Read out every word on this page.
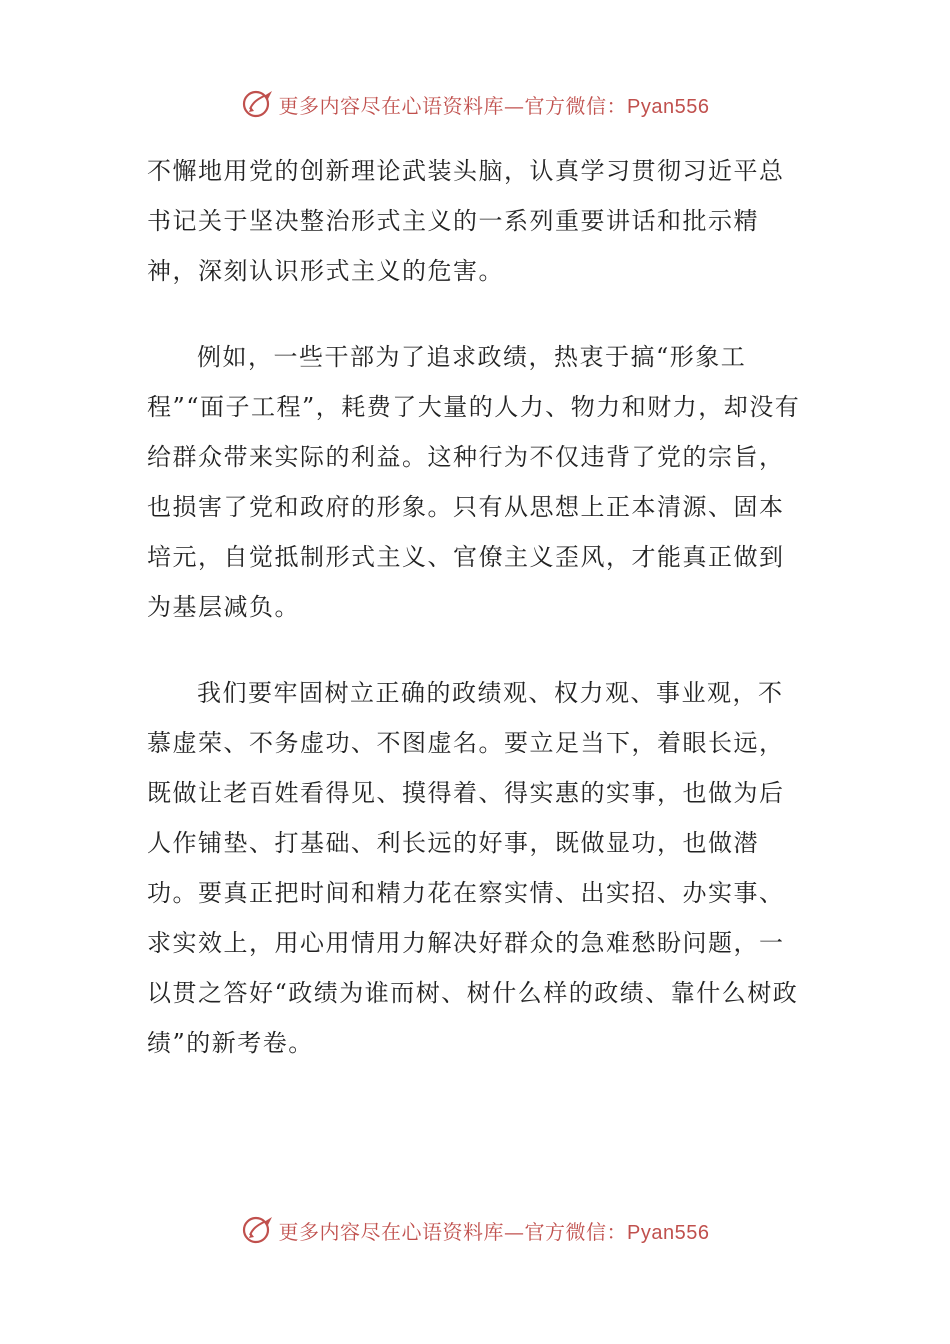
更多内容尽在心语资料库—官方微信：Pyan556

不懈地用党的创新理论武装头脑，认真学习贯彻习近平总书记关于坚决整治形式主义的一系列重要讲话和批示精神，深刻认识形式主义的危害。

例如，一些干部为了追求政绩，热衷于搞“形象工程”“面子工程”，耗费了大量的人力、物力和财力，却没有给群众带来实际的利益。这种行为不仅违背了党的宗旨，也损害了党和政府的形象。只有从思想上正本清源、固本培元，自觉抵制形式主义、官僚主义歪风，才能真正做到为基层减负。

我们要牢固树立正确的政绩观、权力观、事业观，不慕虚荣、不务虚功、不图虚名。要立足当下，着眼长远，既做让老百姓看得见、摸得着、得实惠的实事，也做为后人作铺垫、打基础、利长远的好事，既做显功，也做潜功。要真正把时间和精力花在察实情、出实招、办实事、求实效上，用心用情用力解决好群众的急难愁盼问题，一以贯之答好“政绩为谁而树、树什么样的政绩、靠什么树政绩”的新考卷。

更多内容尽在心语资料库—官方微信：Pyan556
